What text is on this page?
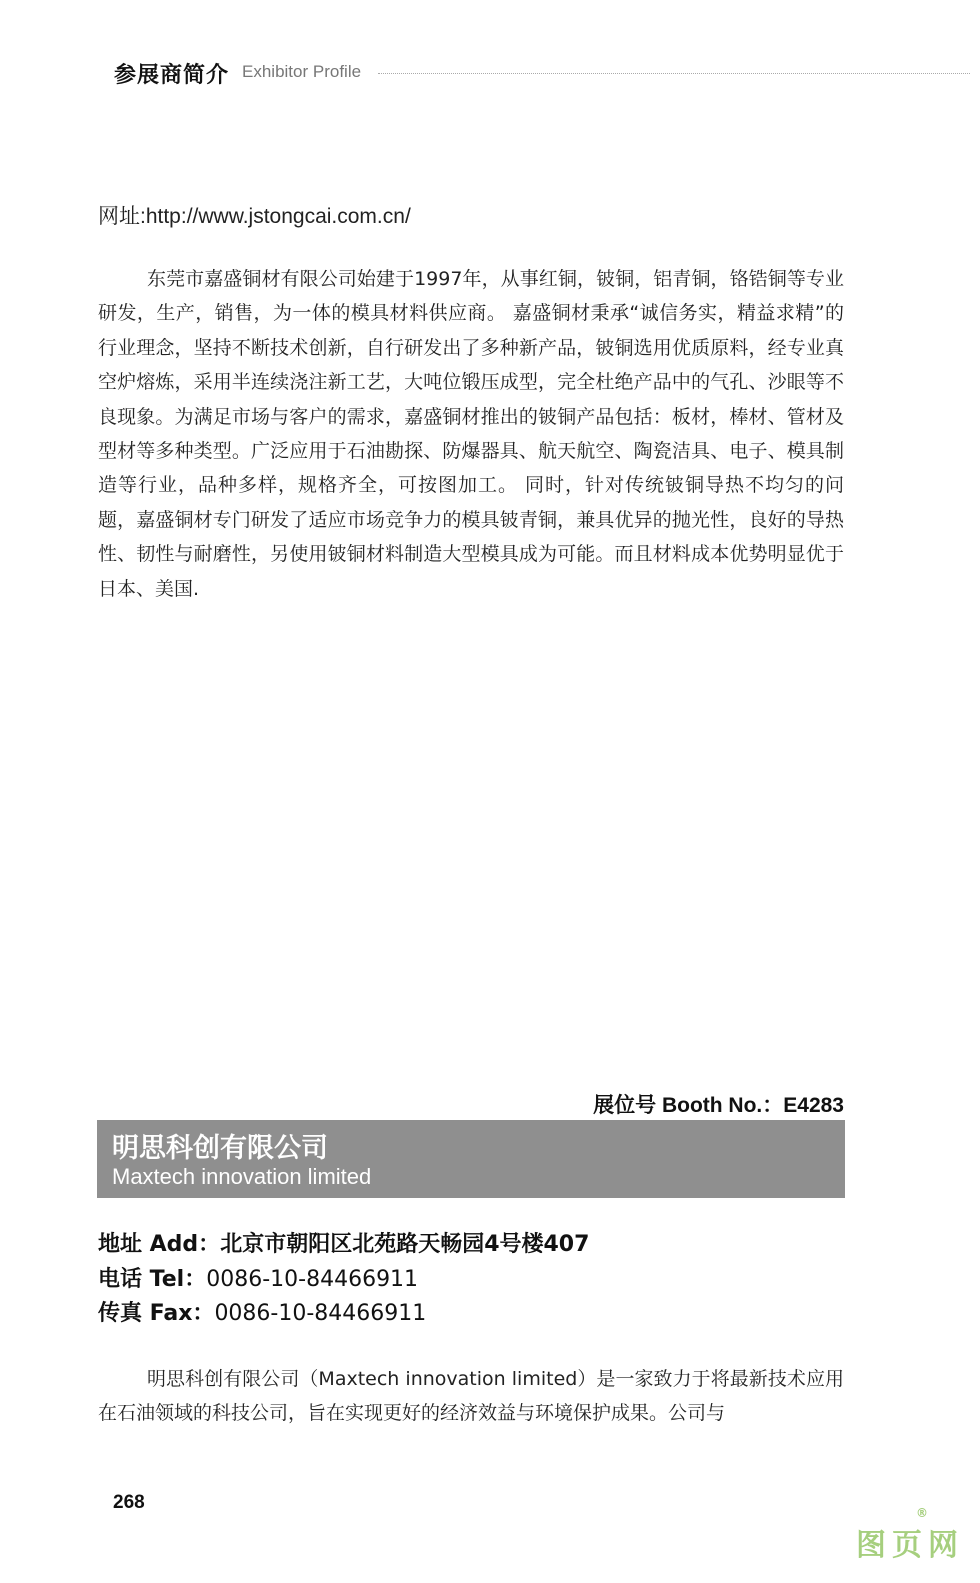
参展商简介 Exhibitor Profile
网址:http://www.jstongcai.com.cn/

东莞市嘉盛铜材有限公司始建于1997年，从事红铜，铍铜，铝青铜，铬锆铜等专业研发，生产，销售，为一体的模具材料供应商。 嘉盛铜材秉承“诚信务实，精益求精”的行业理念，坚持不断技术创新，自行研发出了多种新产品，铍铜选用优质原料，经专业真空炉熔炼，采用半连续浇注新工艺，大吨位锻压成型，完全杜绝产品中的气孔、沙眼等不良现象。为满足市场与客户的需求，嘉盛铜材推出的铍铜产品包括：板材，棒材、管材及型材等多种类型。广泛应用于石油勘探、防爆器具、航天航空、陶瓷洁具、电子、模具制造等行业，品种多样，规格齐全，可按图加工。 同时，针对传统铍铜导热不均匀的问题，嘉盛铜材专门研发了适应市场竞争力的模具铍青铜，兼具优异的抛光性，良好的导热性、韧性与耐磨性，另使用铍铜材料制造大型模具成为可能。而且材料成本优势明显优于日本、美国.

展位号 Booth No.：E4283
明思科创有限公司
Maxtech innovation limited
地址 Add：北京市朝阳区北苑路天畅园4号楼407
电话 Tel：0086-10-84466911
传真 Fax：0086-10-84466911

明思科创有限公司（Maxtech innovation limited）是一家致力于将最新技术应用在石油领域的科技公司，旨在实现更好的经济效益与环境保护成果。公司与

268
图页网
®
